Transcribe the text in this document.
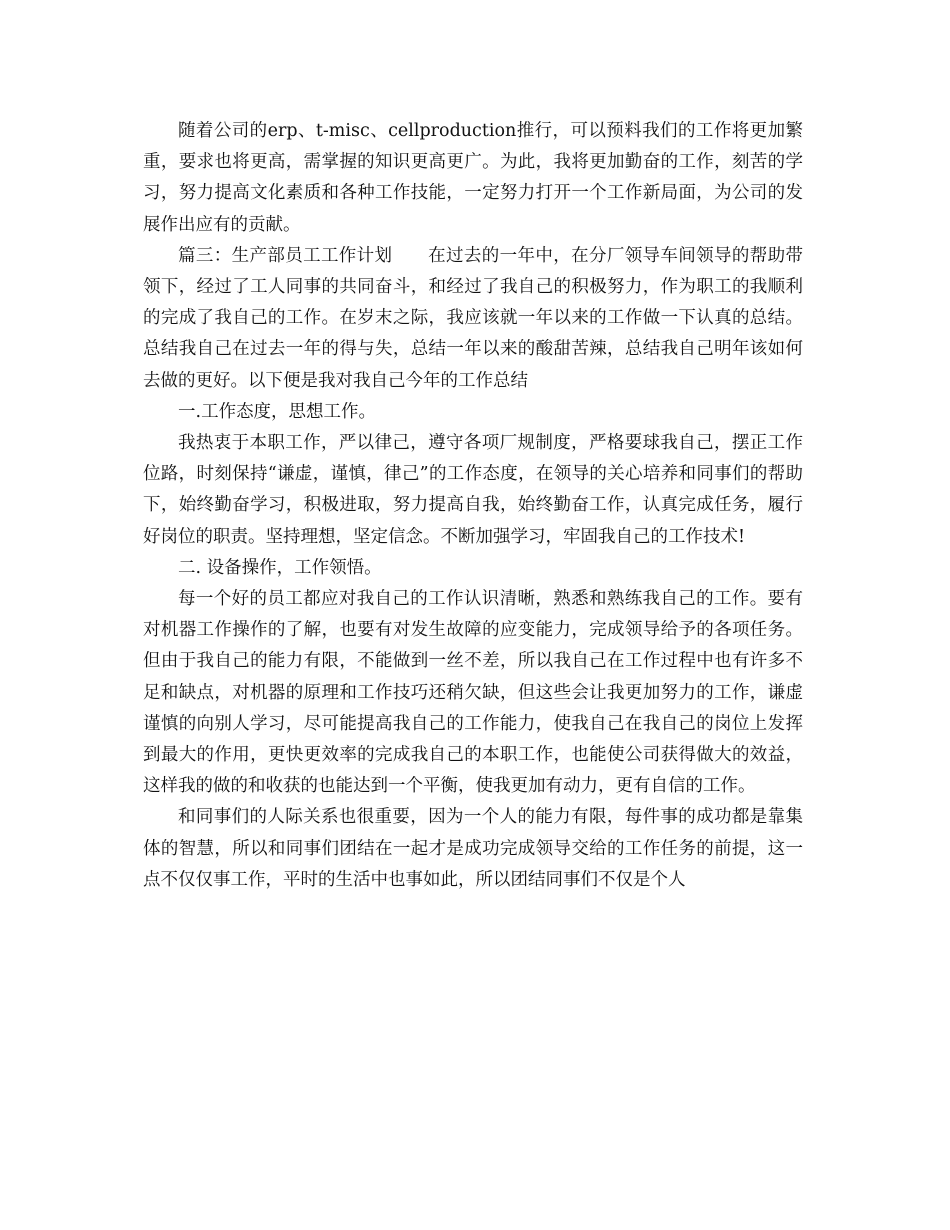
随着公司的erp、t-misc、cellproduction推行，可以预料我们的工作将更加繁重，要求也将更高，需掌握的知识更高更广。为此，我将更加勤奋的工作，刻苦的学习，努力提高文化素质和各种工作技能，一定努力打开一个工作新局面，为公司的发展作出应有的贡献。

篇三：生产部员工工作计划　　在过去的一年中，在分厂领导车间领导的帮助带领下，经过了工人同事的共同奋斗，和经过了我自己的积极努力，作为职工的我顺利的完成了我自己的工作。在岁末之际，我应该就一年以来的工作做一下认真的总结。总结我自己在过去一年的得与失，总结一年以来的酸甜苦辣，总结我自己明年该如何去做的更好。以下便是我对我自己今年的工作总结

一.工作态度，思想工作。

我热衷于本职工作，严以律己，遵守各项厂规制度，严格要球我自己，摆正工作位路，时刻保持“谦虚，谨慎，律己”的工作态度，在领导的关心培养和同事们的帮助下，始终勤奋学习，积极进取，努力提高自我，始终勤奋工作，认真完成任务，履行好岗位的职责。坚持理想，坚定信念。不断加强学习，牢固我自己的工作技术!

二. 设备操作，工作领悟。

每一个好的员工都应对我自己的工作认识清晰，熟悉和熟练我自己的工作。要有对机器工作操作的了解，也要有对发生故障的应变能力，完成领导给予的各项任务。但由于我自己的能力有限，不能做到一丝不差，所以我自己在工作过程中也有许多不足和缺点，对机器的原理和工作技巧还稍欠缺，但这些会让我更加努力的工作，谦虚谨慎的向别人学习，尽可能提高我自己的工作能力，使我自己在我自己的岗位上发挥到最大的作用，更快更效率的完成我自己的本职工作，也能使公司获得做大的效益，这样我的做的和收获的也能达到一个平衡，使我更加有动力，更有自信的工作。

和同事们的人际关系也很重要，因为一个人的能力有限，每件事的成功都是靠集体的智慧，所以和同事们团结在一起才是成功完成领导交给的工作任务的前提，这一点不仅仅事工作，平时的生活中也事如此，所以团结同事们不仅是个人
